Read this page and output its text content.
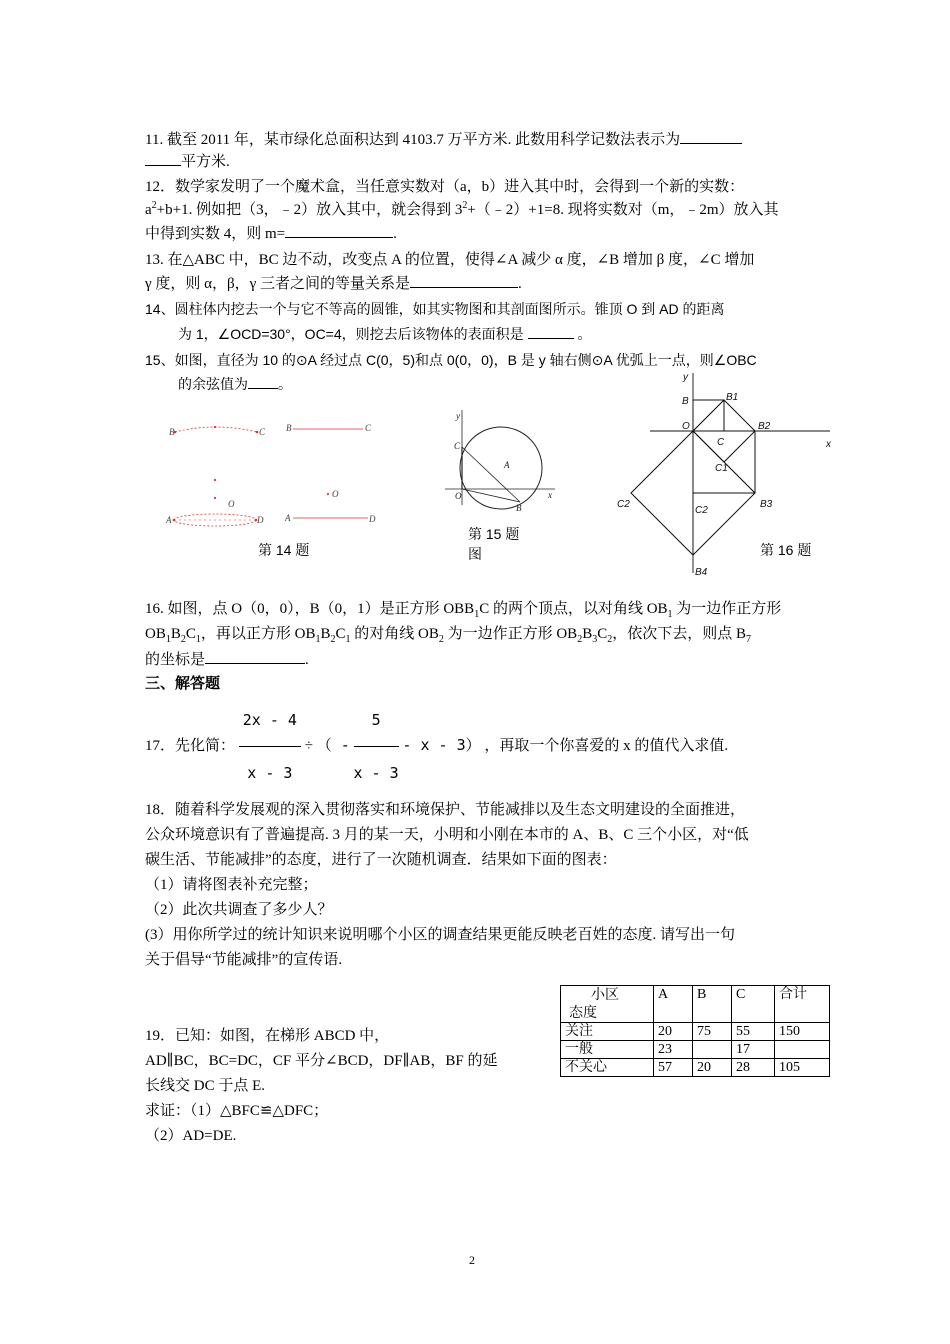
11. 截至 2011 年，某市绿化总面积达到 4103.7 万平方米. 此数用科学记数法表示为
平方米.
12．数学家发明了一个魔术盒，当任意实数对（a，b）进入其中时，会得到一个新的实数：
$a^2+b+1$. 例如把（3，﹣2）放入其中，就会得到 $3^2+(﹣2)+1=8$. 现将实数对（m，﹣2m）放入其
中得到实数 4，则 m=	.
13. 在△ABC 中，BC 边不动，改变点 A 的位置，使得∠A 减少 α 度，∠B 增加 β 度，∠C 增加
γ 度，则 α，β，γ 三者之间的等量关系是	.
14、圆柱体内挖去一个与它不等高的圆锥，如其实物图和其剖面图所示。锥顶 O 到 AD 的距离
为 1，∠OCD=30°，OC=4，则挖去后该物体的表面积是	。
15、如图，直径为 10 的⊙A 经过点 C(0，5)和点 0(0，0)，B 是 y 轴右侧⊙A 优弧上一点，则∠OBC
的余弦值为 。
B	C B	C
O
O
A	D A	D
第 14 题
y
C
A
O
B
x
第 15 题
图
y
B	B1
O	B2
x
C
C1
C2
C2	B3
B4
第 16 题
16. 如图，点 O（0，0），B（0，1）是正方形 $OBB_1C$ 的两个顶点，以对角线 $OB_1$ 为一边作正方形
$OB_1B_2C_1$，再以正方形 $OB_1B_2C_1$ 的对角线 $OB_2$ 为一边作正方形 $OB_2B_3C_2$，依次下去，则点 $B_7$
的坐标是	.
三、解答题
17．先化简： $\frac{2x - 4}{x - 3}$ ÷ （ - $\frac{5}{x - 3}$ - x - 3） ，再取一个你喜爱的 x 的值代入求值.
18．随着科学发展观的深入贯彻落实和环境保护、节能减排以及生态文明建设的全面推进，
公众环境意识有了普遍提高. 3 月的某一天，小明和小刚在本市的 A、B、C 三个小区，对“低
碳生活、节能减排”的态度，进行了一次随机调查．结果如下面的图表：
（1）请将图表补充完整；
（2）此次共调查了多少人？
(3）用你所学过的统计知识来说明哪个小区的调查结果更能反映老百姓的态度. 请写出一句
关于倡导“节能减排”的宣传语.
小区
态度	A	B	C	合计
关注	20	75	55	150
一般	23		17	
不关心	57	20	28	105
19．已知：如图，在梯形 ABCD 中，
AD∥BC，BC=DC，CF 平分∠BCD，DF∥AB，BF 的延
长线交 DC 于点 E.
求证：（1）△BFC≌△DFC；
（2）AD=DE.
2
